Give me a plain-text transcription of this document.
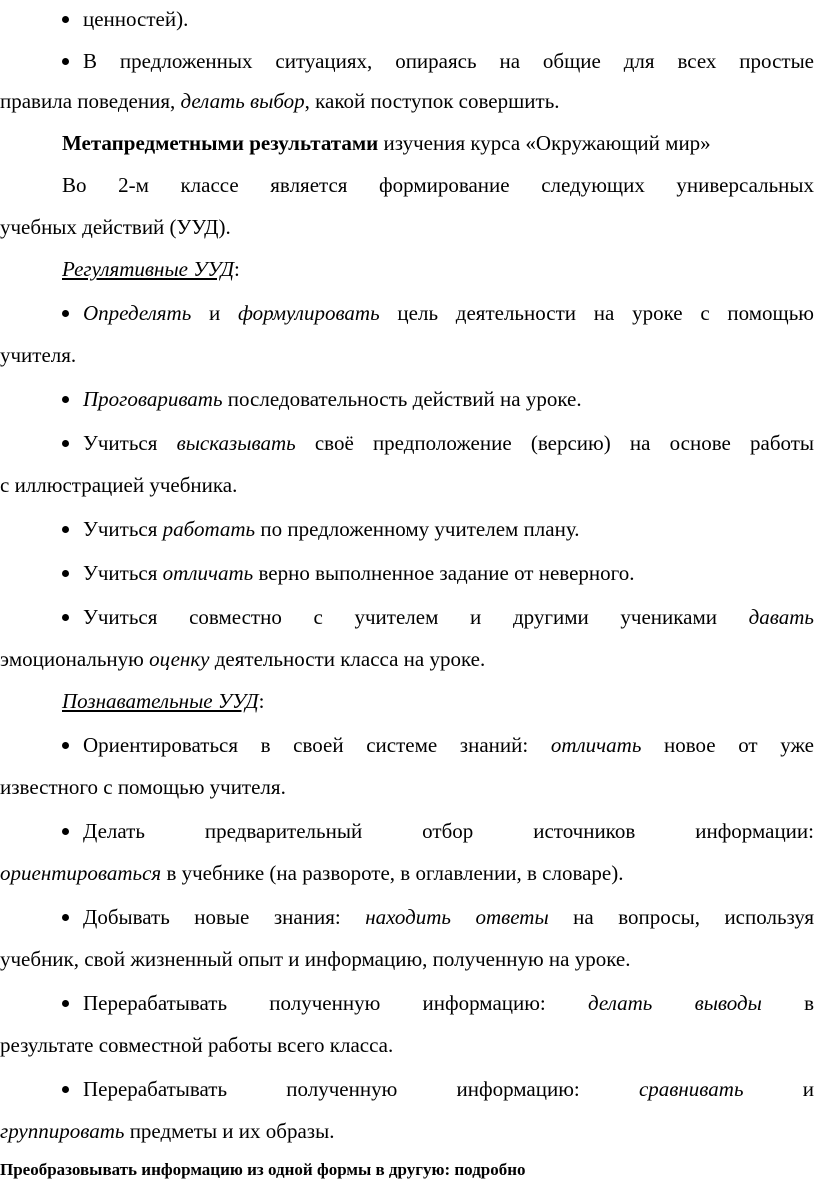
ценностей).
В предложенных ситуациях, опираясь на общие для всех простые
правила поведения, делать выбор, какой поступок совершить.
Метапредметными результатами изучения курса «Окружающий мир»
Во 2-м классе является формирование следующих универсальных
учебных действий (УУД).
Регулятивные УУД:
Определять и формулировать цель деятельности на уроке с помощью
учителя.
Проговаривать последовательность действий на уроке.
Учиться высказывать своё предположение (версию) на основе работы
с иллюстрацией учебника.
Учиться работать по предложенному учителем плану.
Учиться отличать верно выполненное задание от неверного.
Учиться совместно с учителем и другими учениками давать
эмоциональную оценку деятельности класса на уроке.
Познавательные УУД:
Ориентироваться в своей системе знаний: отличать новое от уже
известного с помощью учителя.
Делать предварительный отбор источников информации:
ориентироваться в учебнике (на развороте, в оглавлении, в словаре).
Добывать новые знания: находить ответы на вопросы, используя
учебник, свой жизненный опыт и информацию, полученную на уроке.
Перерабатывать полученную информацию: делать выводы в
результате совместной работы всего класса.
Перерабатывать полученную информацию: сравнивать и
группировать предметы и их образы.
Преобразовывать информацию из одной формы в другую: подробно
